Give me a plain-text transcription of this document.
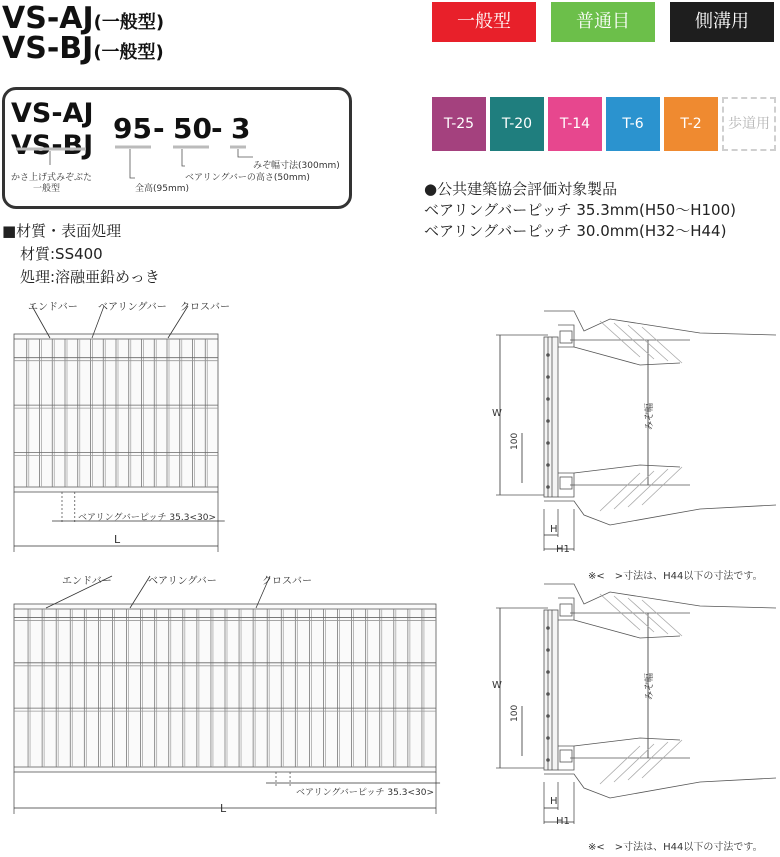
VS-AJ(一般型)
VS-BJ(一般型)
一般型	普通目	側溝用
T-25	T-20	T-14	T-6	T-2	歩道用
VS-AJ
VS-BJ
95 - 50 - 3
かさ上げ式みぞぶた
一般型	全高(95mm)
ベアリングバーの高さ(50mm)
みぞ幅寸法(300mm)
●公共建築協会評価対象製品
ベアリングバーピッチ 35.3mm(H50～H100)
ベアリングバーピッチ 30.0mm(H32～H44)
■材質・表面処理
材質:SS400
処理:溶融亜鉛めっき
エンドバー ベアリングバー クロスバー
ベアリングバーピッチ 35.3<30>
L
エンドバー	ベアリングバー	クロスバー
ベアリングバーピッチ 35.3<30>
L
W
100
みぞ幅
H
H1
※<　>寸法は、H44以下の寸法です。
W
100
みぞ幅
H
H1
※<　>寸法は、H44以下の寸法です。
